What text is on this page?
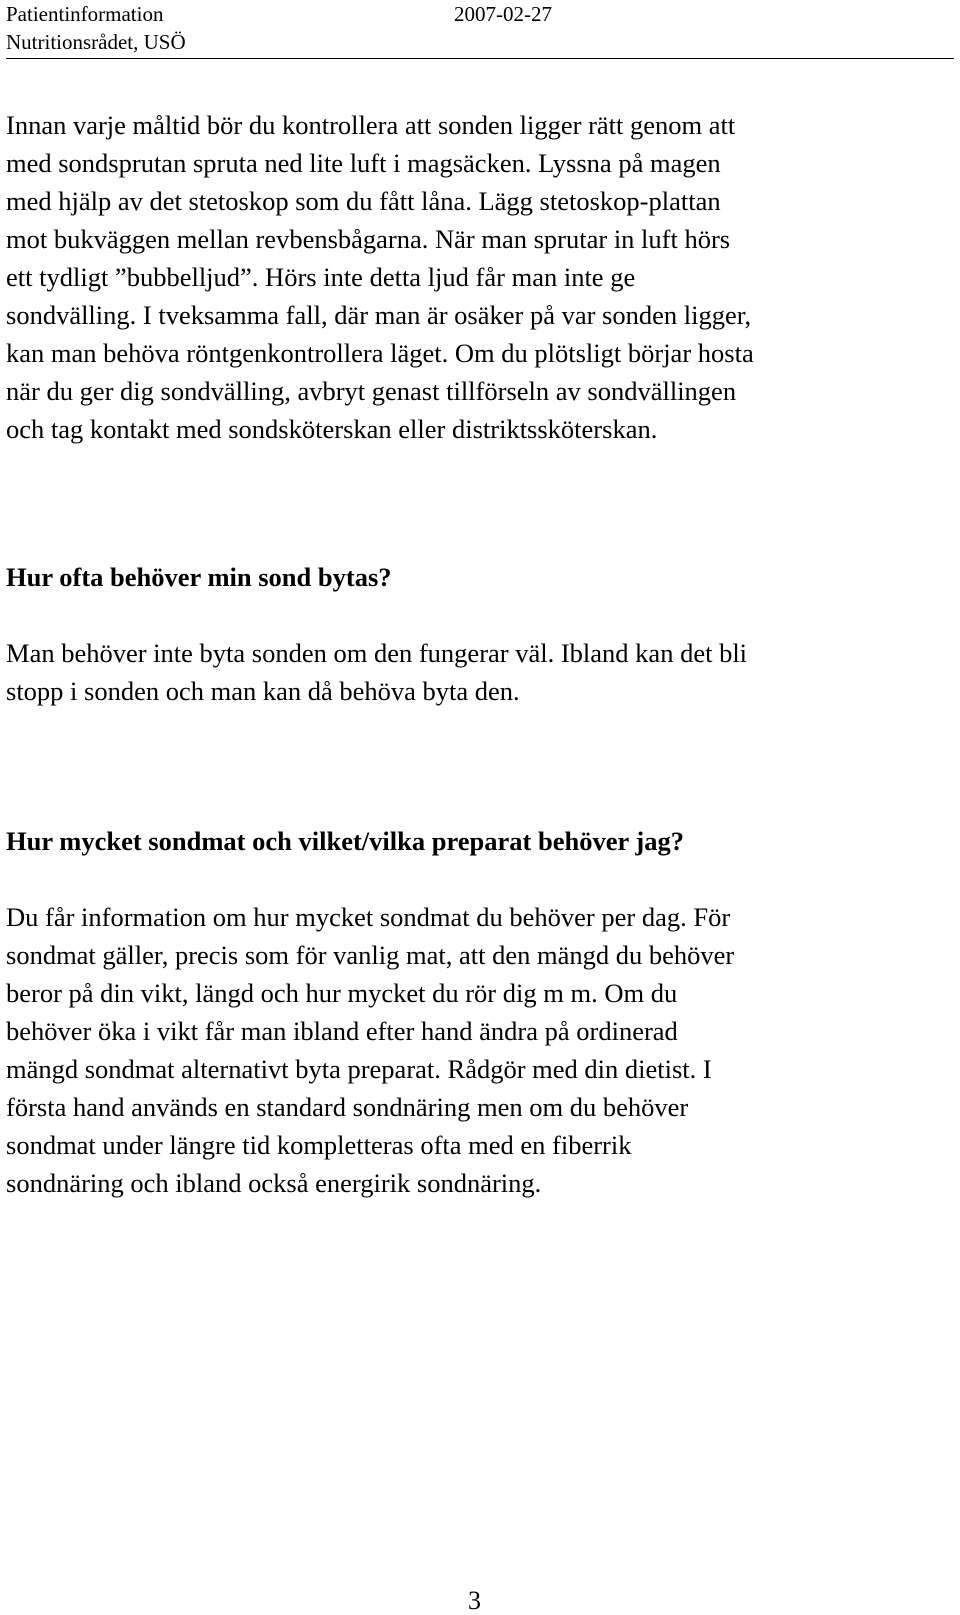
Patientinformation
Nutritionsrådet, USÖ
2007-02-27
Innan varje måltid bör du kontrollera att sonden ligger rätt genom att
med sondsprutan spruta ned lite luft i magsäcken. Lyssna på magen
med hjälp av det stetoskop som du fått låna. Lägg stetoskop-plattan
mot bukväggen mellan revbensbågarna. När man sprutar in luft hörs
ett tydligt ”bubbelljud”. Hörs inte detta ljud får man inte ge
sondvälling. I tveksamma fall, där man är osäker på var sonden ligger,
kan man behöva röntgenkontrollera läget. Om du plötsligt börjar hosta
när du ger dig sondvälling, avbryt genast tillförseln av sondvällingen
och tag kontakt med sondsköterskan eller distriktssköterskan.
Hur ofta behöver min sond bytas?
Man behöver inte byta sonden om den fungerar väl. Ibland kan det bli
stopp i sonden och man kan då behöva byta den.
Hur mycket sondmat och vilket/vilka preparat behöver jag?
Du får information om hur mycket sondmat du behöver per dag. För
sondmat gäller, precis som för vanlig mat, att den mängd du behöver
beror på din vikt, längd och hur mycket du rör dig m m. Om du
behöver öka i vikt får man ibland efter hand ändra på ordinerad
mängd sondmat alternativt byta preparat. Rådgör med din dietist. I
första hand används en standard sondnäring men om du behöver
sondmat under längre tid kompletteras ofta med en fiberrik
sondnäring och ibland också energirik sondnäring.
3
